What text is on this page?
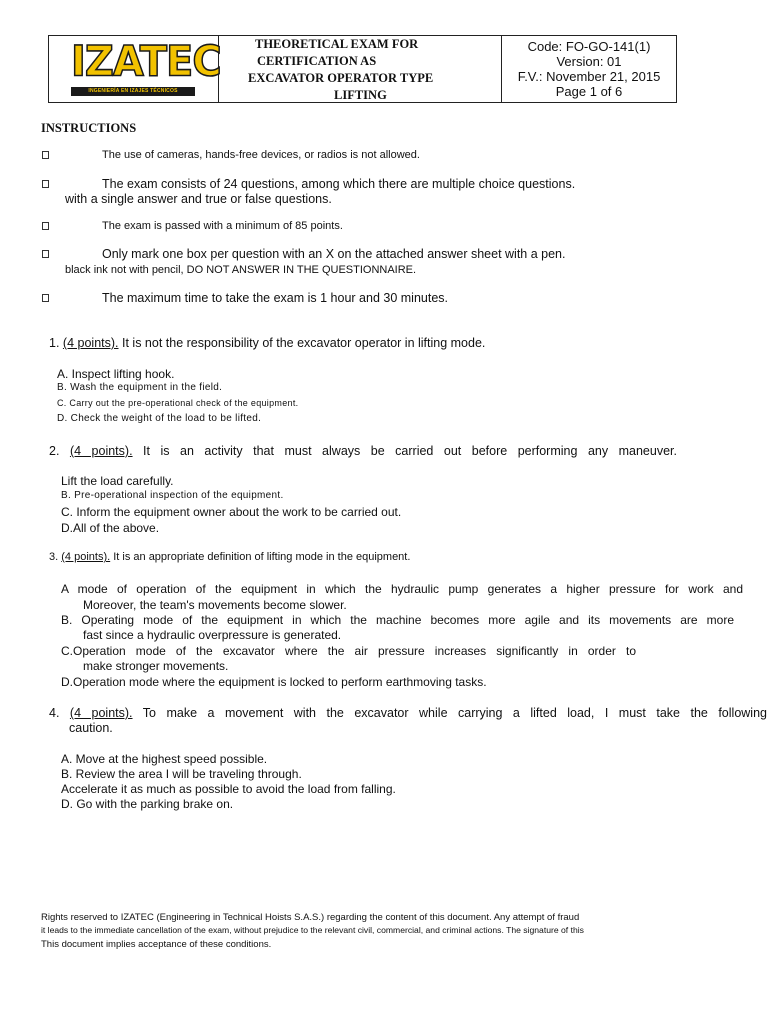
IZATEC
INGENIERÍA EN IZAJES TÉCNICOS
THEORETICAL EXAM FOR
CERTIFICATION AS
EXCAVATOR OPERATOR TYPE
LIFTING
Code: FO-GO-141(1)
Version: 01
F.V.: November 21, 2015
Page 1 of 6
INSTRUCTIONS
The use of cameras, hands-free devices, or radios is not allowed.
The exam consists of 24 questions, among which there are multiple choice questions.
with a single answer and true or false questions.
The exam is passed with a minimum of 85 points.
Only mark one box per question with an X on the attached answer sheet with a pen.
black ink not with pencil, DO NOT ANSWER IN THE QUESTIONNAIRE.
The maximum time to take the exam is 1 hour and 30 minutes.
1. (4 points). It is not the responsibility of the excavator operator in lifting mode.
A. Inspect lifting hook.
B. Wash the equipment in the field.
C. Carry out the pre-operational check of the equipment.
D. Check the weight of the load to be lifted.
2. (4 points). It is an activity that must always be carried out before performing any maneuver.
Lift the load carefully.
B. Pre-operational inspection of the equipment.
C. Inform the equipment owner about the work to be carried out.
D.All of the above.
3. (4 points). It is an appropriate definition of lifting mode in the equipment.
A mode of operation of the equipment in which the hydraulic pump generates a higher pressure for work and
Moreover, the team's movements become slower.
B. Operating mode of the equipment in which the machine becomes more agile and its movements are more
fast since a hydraulic overpressure is generated.
C.Operation mode of the excavator where the air pressure increases significantly in order to
make stronger movements.
D.Operation mode where the equipment is locked to perform earthmoving tasks.
4. (4 points). To make a movement with the excavator while carrying a lifted load, I must take the following
caution.
A. Move at the highest speed possible.
B. Review the area I will be traveling through.
Accelerate it as much as possible to avoid the load from falling.
D. Go with the parking brake on.
Rights reserved to IZATEC (Engineering in Technical Hoists S.A.S.) regarding the content of this document. Any attempt of fraud
it leads to the immediate cancellation of the exam, without prejudice to the relevant civil, commercial, and criminal actions. The signature of this
This document implies acceptance of these conditions.
